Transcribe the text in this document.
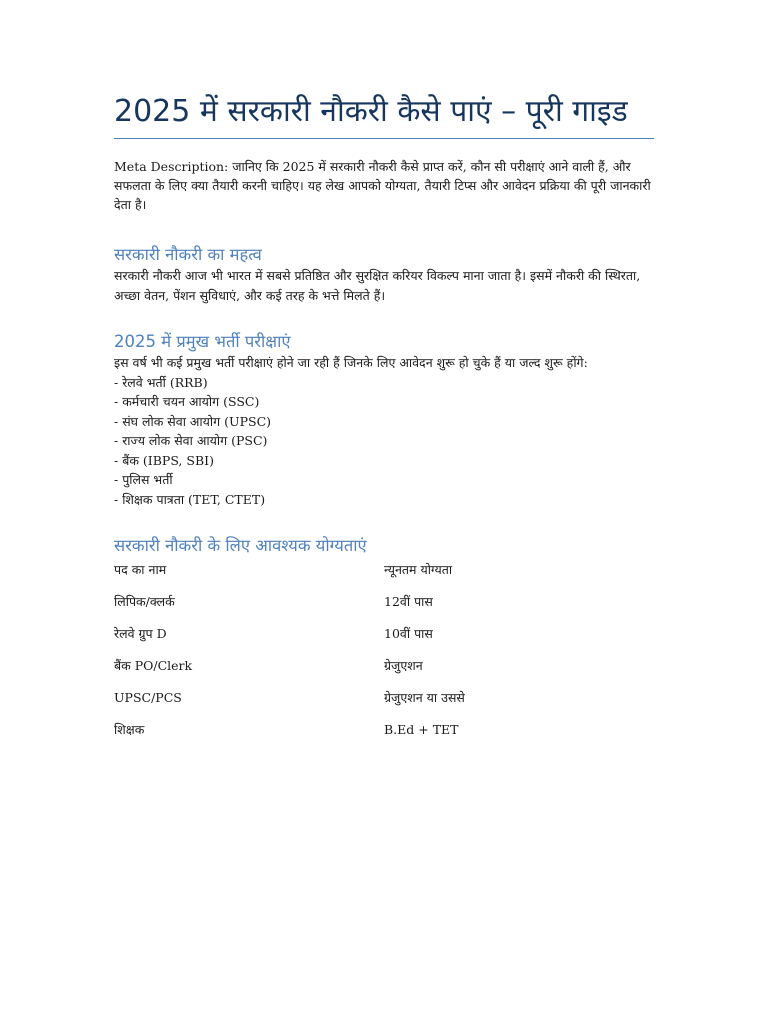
2025 में सरकारी नौकरी कैसे पाएं – पूरी गाइड

Meta Description: जानिए कि 2025 में सरकारी नौकरी कैसे प्राप्त करें, कौन सी परीक्षाएं आने वाली हैं, और सफलता के लिए क्या तैयारी करनी चाहिए। यह लेख आपको योग्यता, तैयारी टिप्स और आवेदन प्रक्रिया की पूरी जानकारी देता है।

सरकारी नौकरी का महत्व

सरकारी नौकरी आज भी भारत में सबसे प्रतिष्ठित और सुरक्षित करियर विकल्प माना जाता है। इसमें नौकरी की स्थिरता, अच्छा वेतन, पेंशन सुविधाएं, और कई तरह के भत्ते मिलते हैं।

2025 में प्रमुख भर्ती परीक्षाएं

इस वर्ष भी कई प्रमुख भर्ती परीक्षाएं होने जा रही हैं जिनके लिए आवेदन शुरू हो चुके हैं या जल्द शुरू होंगे:

- रेलवे भर्ती (RRB)
- कर्मचारी चयन आयोग (SSC)
- संघ लोक सेवा आयोग (UPSC)
- राज्य लोक सेवा आयोग (PSC)
- बैंक (IBPS, SBI)
- पुलिस भर्ती
- शिक्षक पात्रता (TET, CTET)
सरकारी नौकरी के लिए आवश्यक योग्यताएं
पद का नाम	न्यूनतम योग्यता
लिपिक/क्लर्क	12वीं पास
रेलवे ग्रुप D	10वीं पास
बैंक PO/Clerk	ग्रेजुएशन
UPSC/PCS	ग्रेजुएशन या उससे
शिक्षक	B.Ed + TET
